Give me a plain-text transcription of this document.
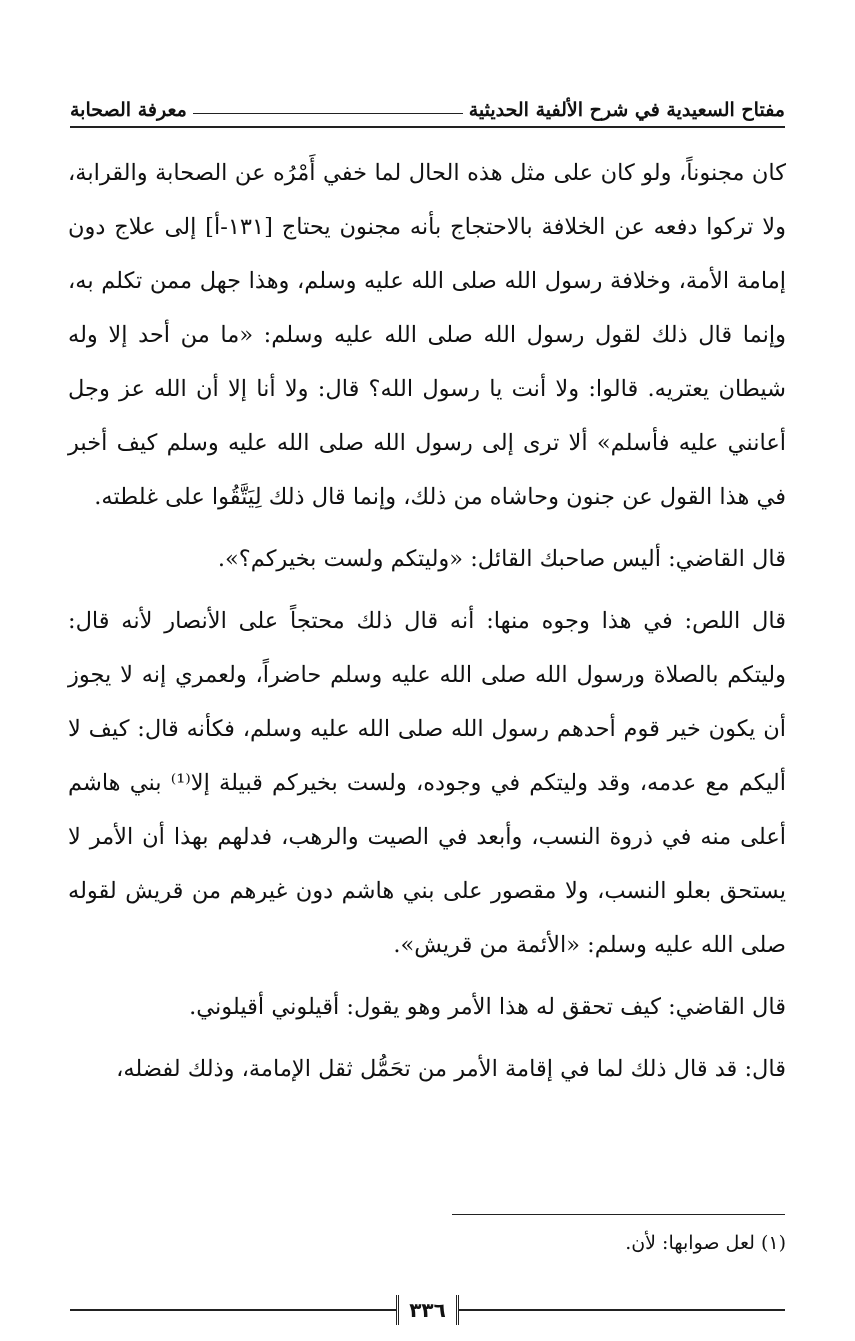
مفتاح السعيدية في شرح الألفية الحديثية
معرفة الصحابة

كان مجنوناً، ولو كان على مثل هذه الحال لما خفي أَمْرُه عن الصحابة والقرابة، ولا تركوا دفعه عن الخلافة بالاحتجاج بأنه مجنون يحتاج [١٣١-أ] إلى علاج دون إمامة الأمة، وخلافة رسول الله صلى الله عليه وسلم، وهذا جهل ممن تكلم به، وإنما قال ذلك لقول رسول الله صلى الله عليه وسلم: «ما من أحد إلا وله شيطان يعتريه. قالوا: ولا أنت يا رسول الله؟ قال: ولا أنا إلا أن الله عز وجل أعانني عليه فأسلم» ألا ترى إلى رسول الله صلى الله عليه وسلم كيف أخبر في هذا القول عن جنون وحاشاه من ذلك، وإنما قال ذلك لِيَتَّقُوا على غلطته.

قال القاضي: أليس صاحبك القائل: «وليتكم ولست بخيركم؟».

قال اللص: في هذا وجوه منها: أنه قال ذلك محتجاً على الأنصار لأنه قال: وليتكم بالصلاة ورسول الله صلى الله عليه وسلم حاضراً، ولعمري إنه لا يجوز أن يكون خير قوم أحدهم رسول الله صلى الله عليه وسلم، فكأنه قال: كيف لا أليكم مع عدمه، وقد وليتكم في وجوده، ولست بخيركم قبيلة إلا⁽¹⁾ بني هاشم أعلى منه في ذروة النسب، وأبعد في الصيت والرهب، فدلهم بهذا أن الأمر لا يستحق بعلو النسب، ولا مقصور على بني هاشم دون غيرهم من قريش لقوله صلى الله عليه وسلم: «الأئمة من قريش».

قال القاضي: كيف تحقق له هذا الأمر وهو يقول: أقيلوني أقيلوني.

قال: قد قال ذلك لما في إقامة الأمر من تحَمُّل ثقل الإمامة، وذلك لفضله،

(١) لعل صوابها: لأن.
٣٣٦
